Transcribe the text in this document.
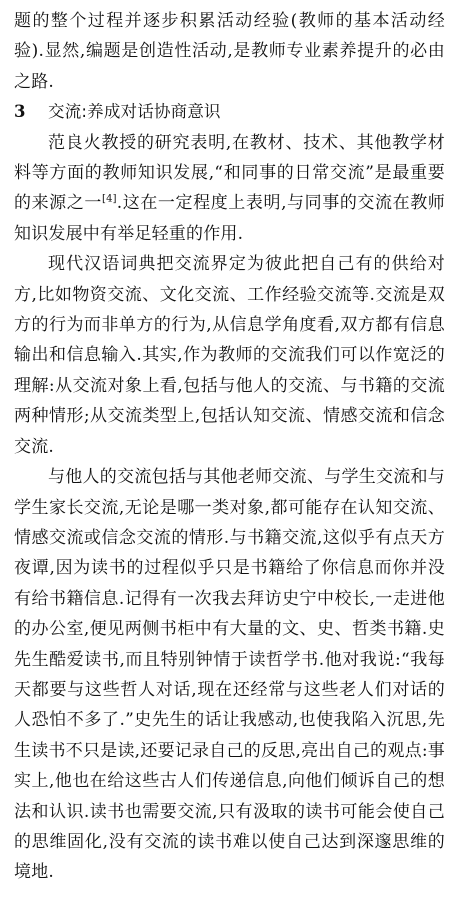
题的整个过程并逐步积累活动经验(教师的基本活动经验).显然,编题是创造性活动,是教师专业素养提升的必由之路.

3 交流:养成对话协商意识

范良火教授的研究表明,在教材、技术、其他教学材料等方面的教师知识发展,“和同事的日常交流”是最重要的来源之一[4].这在一定程度上表明,与同事的交流在教师知识发展中有举足轻重的作用.

现代汉语词典把交流界定为彼此把自己有的供给对方,比如物资交流、文化交流、工作经验交流等.交流是双方的行为而非单方的行为,从信息学角度看,双方都有信息输出和信息输入.其实,作为教师的交流我们可以作宽泛的理解:从交流对象上看,包括与他人的交流、与书籍的交流两种情形;从交流类型上,包括认知交流、情感交流和信念交流.

与他人的交流包括与其他老师交流、与学生交流和与学生家长交流,无论是哪一类对象,都可能存在认知交流、情感交流或信念交流的情形.与书籍交流,这似乎有点天方夜谭,因为读书的过程似乎只是书籍给了你信息而你并没有给书籍信息.记得有一次我去拜访史宁中校长,一走进他的办公室,便见两侧书柜中有大量的文、史、哲类书籍.史先生酷爱读书,而且特别钟情于读哲学书.他对我说:“我每天都要与这些哲人对话,现在还经常与这些老人们对话的人恐怕不多了.”史先生的话让我感动,也使我陷入沉思,先生读书不只是读,还要记录自己的反思,亮出自己的观点:事实上,他也在给这些古人们传递信息,向他们倾诉自己的想法和认识.读书也需要交流,只有汲取的读书可能会使自己的思维固化,没有交流的读书难以使自己达到深邃思维的境地.
